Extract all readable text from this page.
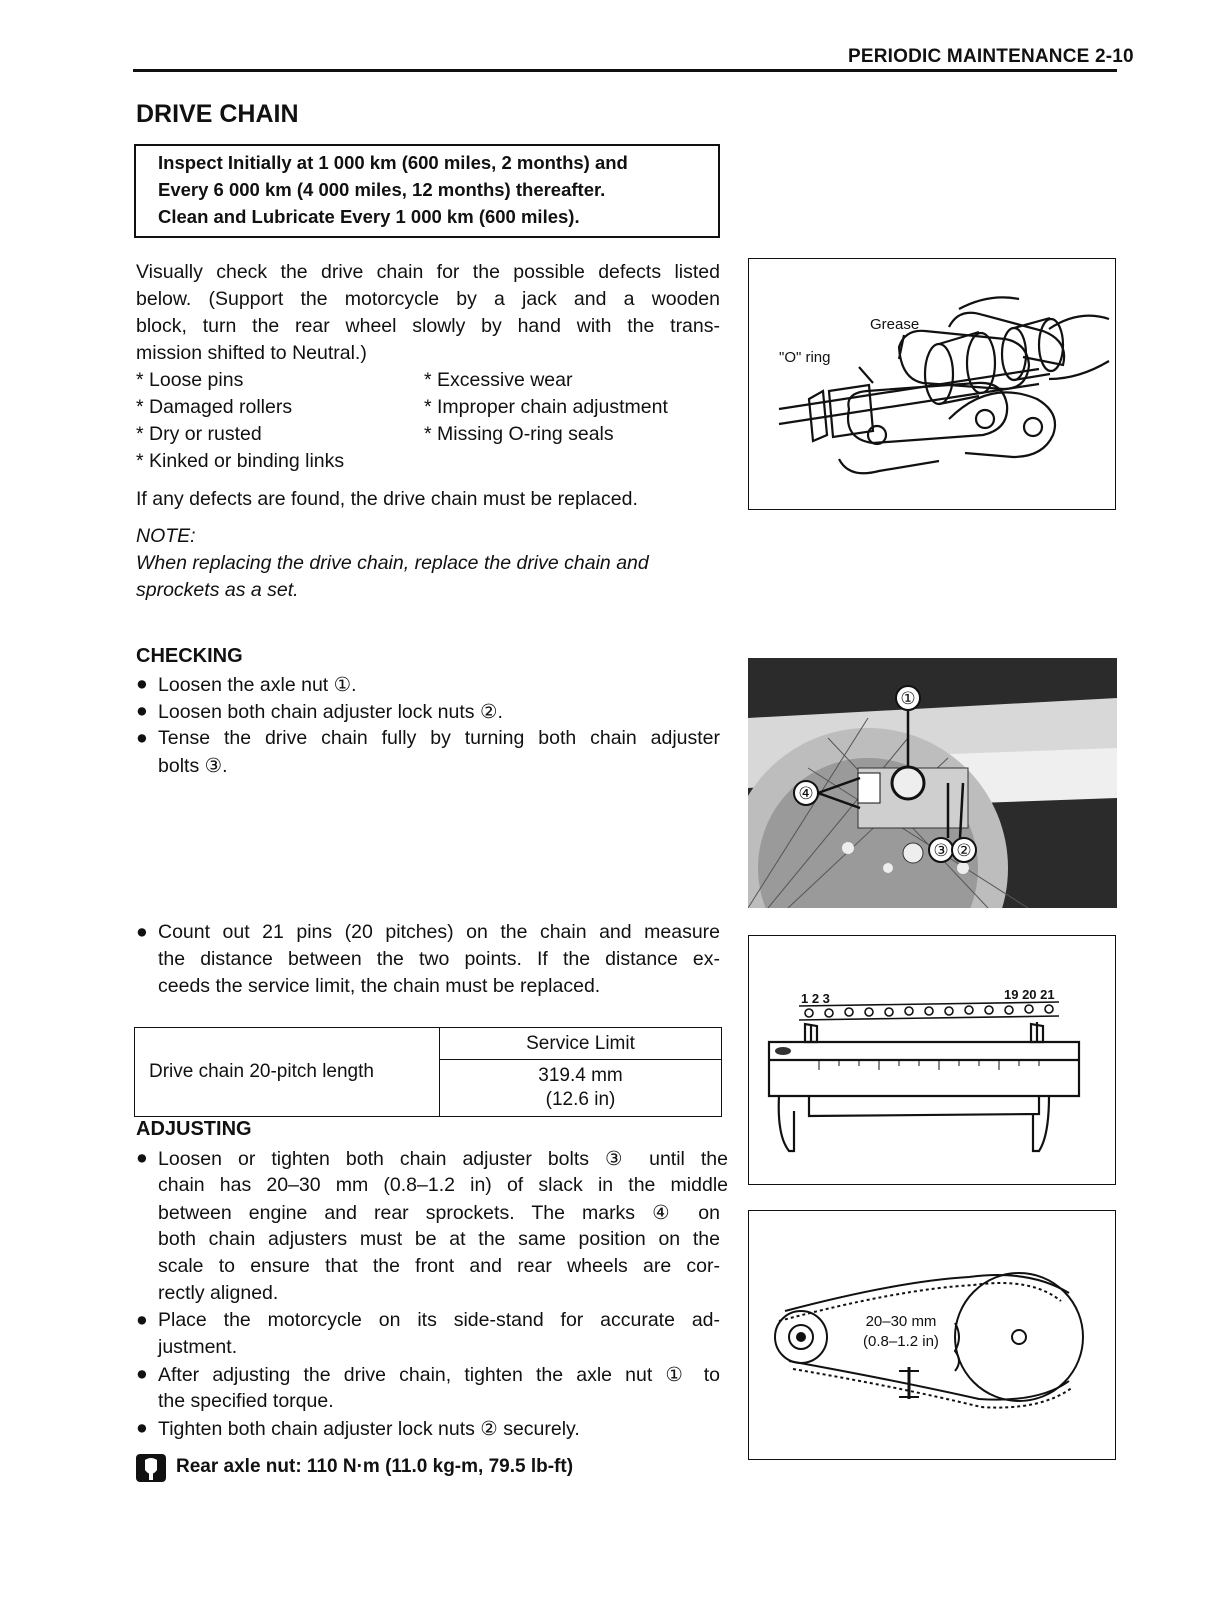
PERIODIC MAINTENANCE 2-10
DRIVE CHAIN
Inspect Initially at 1 000 km (600 miles, 2 months) and
Every 6 000 km (4 000 miles, 12 months) thereafter.
Clean and Lubricate Every 1 000 km (600 miles).
Visually check the drive chain for the possible defects listed
below. (Support the motorcycle by a jack and a wooden
block, turn the rear wheel slowly by hand with the trans-
mission shifted to Neutral.)
* Loose pins
* Damaged rollers
* Dry or rusted
* Kinked or binding links
* Excessive wear
* Improper chain adjustment
* Missing O-ring seals
If any defects are found, the drive chain must be replaced.
NOTE:
When replacing the drive chain, replace the drive chain and
sprockets as a set.
Grease
"O" ring
CHECKING
● Loosen the axle nut ①.
● Loosen both chain adjuster lock nuts ②.
● Tense the drive chain fully by turning both chain adjuster
bolts ③.
①
④
③ ②
● Count out 21 pins (20 pitches) on the chain and measure
the distance between the two points. If the distance ex-
ceeds the service limit, the chain must be replaced.
Drive chain 20-pitch length	Service Limit

319.4 mm
(12.6 in)
1 2 3	19 20 21
ADJUSTING
● Loosen or tighten both chain adjuster bolts ③ until the
chain has 20–30 mm (0.8–1.2 in) of slack in the middle
between engine and rear sprockets. The marks ④ on
both chain adjusters must be at the same position on the
scale to ensure that the front and rear wheels are cor-
rectly aligned.
● Place the motorcycle on its side-stand for accurate ad-
justment.
● After adjusting the drive chain, tighten the axle nut ① to
the specified torque.
● Tighten both chain adjuster lock nuts ② securely.
Rear axle nut: 110 N·m (11.0 kg-m, 79.5 lb-ft)
20–30 mm
(0.8–1.2 in)
